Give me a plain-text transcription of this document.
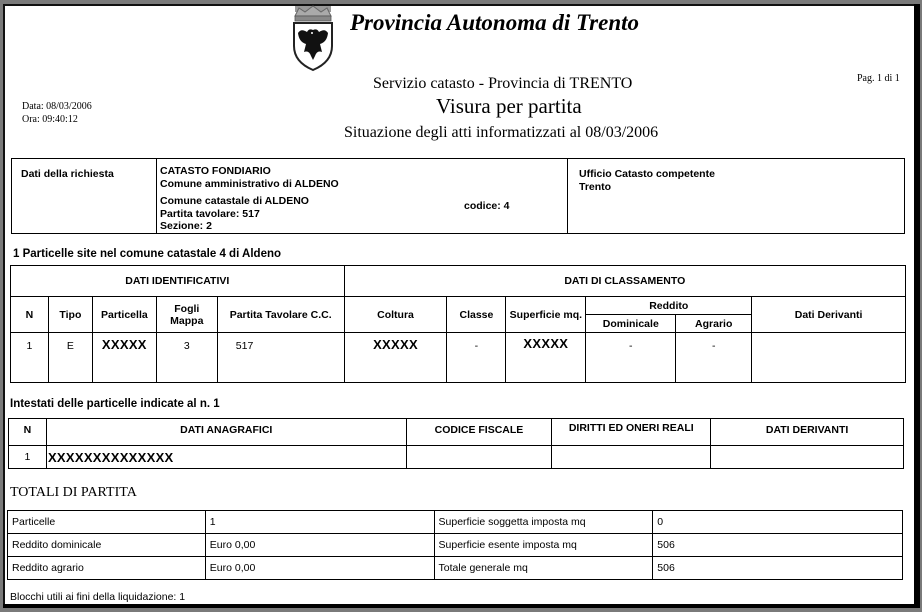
Provincia Autonoma di Trento
Servizio catasto - Provincia di TRENTO
Visura per partita
Situazione degli atti informatizzati al 08/03/2006
Pag. 1 di 1
Data: 08/03/2006
Ora: 09:40:12
Dati della richiesta	CATASTO FONDIARIO
Comune amministrativo di ALDENO
Comune catastale di ALDENO
Partita tavolare: 517
Sezione: 2
codice: 4
Ufficio Catasto competente
Trento
1 Particelle site nel comune catastale 4 di Aldeno
DATI IDENTIFICATIVI					DATI DI CLASSAMENTO					
N	Tipo	Particella	Fogli Mappa	Partita Tavolare C.C.	Coltura	Classe	Superficie mq.	Reddito		Dati Derivanti
								Dominicale	Agrario	
1	E	XXXXX	3	517	XXXXX	-	XXXXX	-	-	
Intestati delle particelle indicate al n. 1
N	DATI ANAGRAFICI	CODICE FISCALE	DIRITTI ED ONERI REALI	DATI DERIVANTI
1	XXXXXXXXXXXXXX			
TOTALI DI PARTITA
Particelle	1	Superficie soggetta imposta mq	0
Reddito dominicale	Euro 0,00	Superficie esente imposta mq	506
Reddito agrario	Euro 0,00	Totale generale mq	506
Blocchi utili ai fini della liquidazione: 1
